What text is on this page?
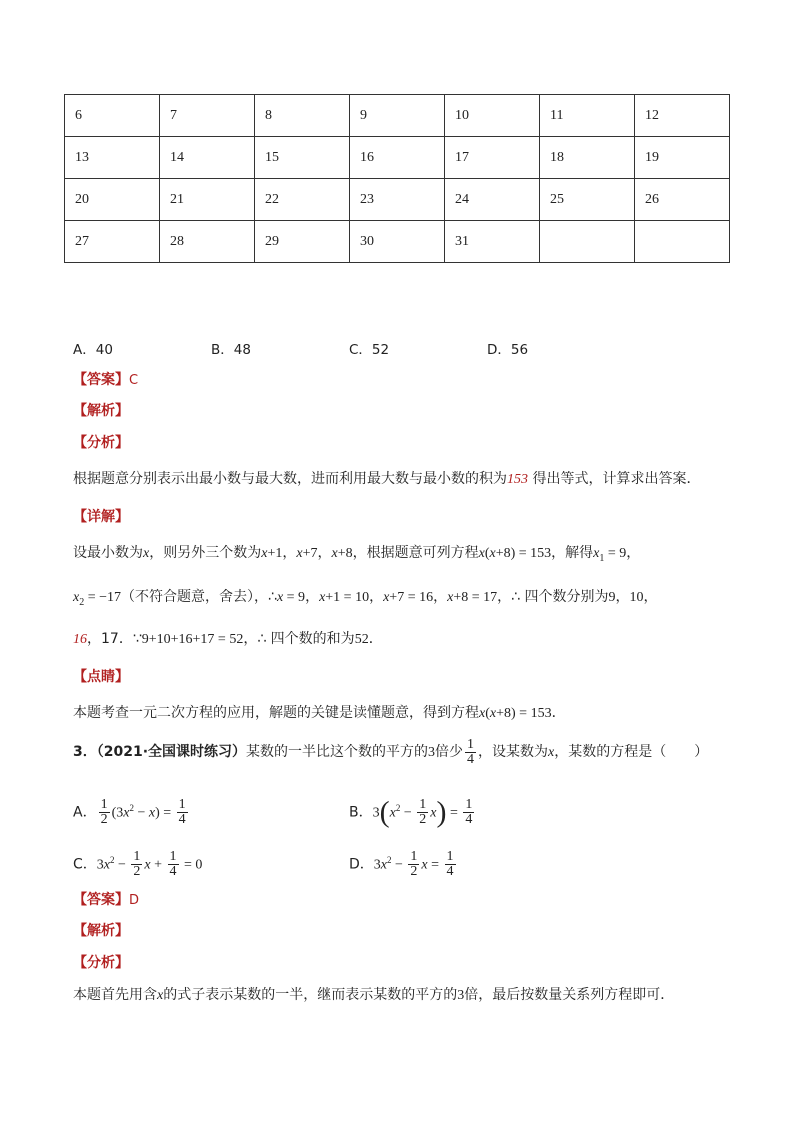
6	7	8	9	10	11	12
13	14	15	16	17	18	19
20	21	22	23	24	25	26
27	28	29	30	31		
A．40	B．48	C．52	D．56
【答案】C
【解析】
【分析】
根据题意分别表示出最小数与最大数，进而利用最大数与最小数的积为153 得出等式，计算求出答案．
【详解】
设最小数为x，则另外三个数为x+1，x+7，x+8，根据题意可列方程x(x+8) = 153，解得$x_1 = 9$，
$x_2 = -17$（不符合题意，舍去），∴x = 9，x+1 = 10，x+7 = 16，x+8 = 17，∴ 四个数分别为9，10，
16，17．∵9+10+16+17 = 52，∴ 四个数的和为52．
【点睛】
本题考查一元二次方程的应用，解题的关键是读懂题意，得到方程x(x+8) = 153．
3．（2021·全国课时练习）某数的一半比这个数的平方的3倍少 $\frac{1}{4}$ ，设某数为x，某数的方程是（　　）
A． $\frac{1}{2} (3x^2 - x) = \frac{1}{4}$	B．$3(x^2 - \frac{1}{2} x) = \frac{1}{4}$
C．$3x^2 - \frac{1}{2}$ $x + \frac{1}{4} = 0$	D．$3x^2 - \frac{1}{2}$ $x = \frac{1}{4}$
【答案】D
【解析】
【分析】
本题首先用含x的式子表示某数的一半，继而表示某数的平方的3倍，最后按数量关系列方程即可．
